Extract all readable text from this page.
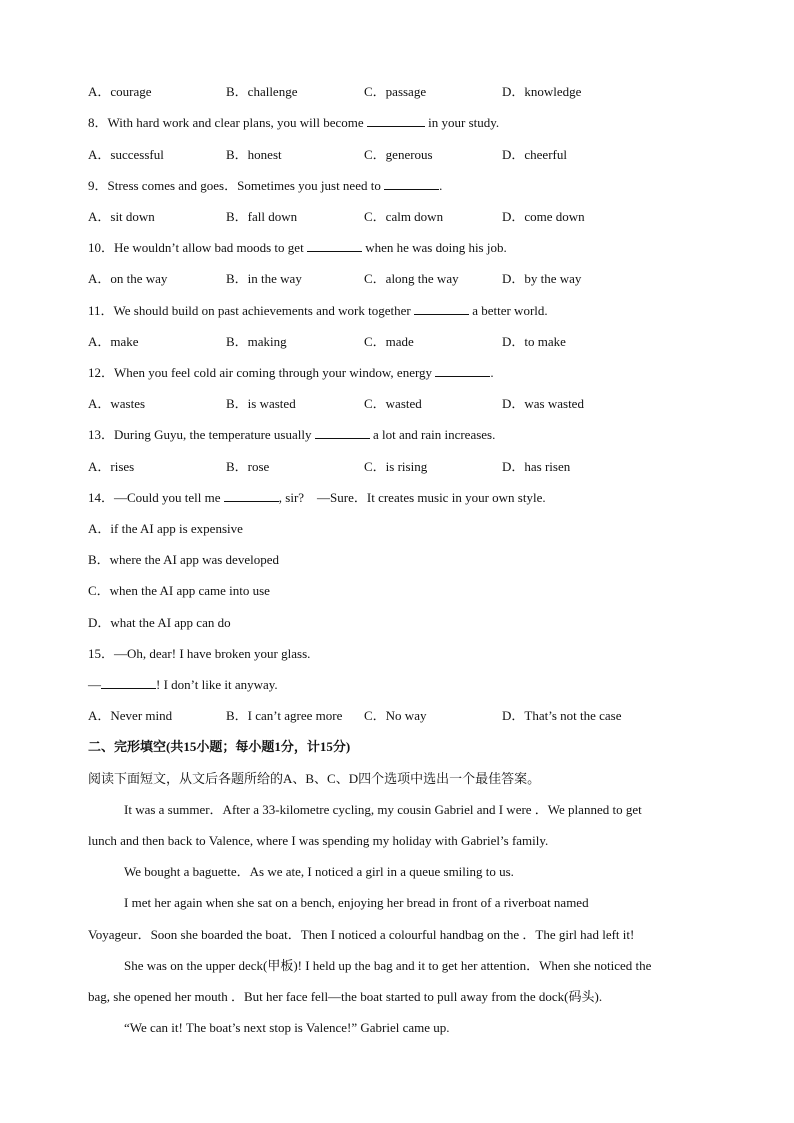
A．courage	B．challenge	C．passage	D．knowledge
8．With hard work and clear plans, you will become	in your study.
A．successful	B．honest	C．generous	D．cheerful
9．Stress comes and goes．Sometimes you just need to	.
A．sit down	B．fall down	C．calm down	D．come down
10．He wouldn’t allow bad moods to get	when he was doing his job.
A．on the way	B．in the way	C．along the way	D．by the way
11．We should build on past achievements and work together	a better world.
A．make	B．making	C．made	D．to make
12．When you feel cold air coming through your window, energy	.
A．wastes	B．is wasted	C．wasted	D．was wasted
13．During Guyu, the temperature usually	a lot and rain increases.
A．rises	B．rose	C．is rising	D．has risen
14．—Could you tell me	, sir?　—Sure．It creates music in your own style.
A．if the AI app is expensive
B．where the AI app was developed
C．when the AI app came into use
D．what the AI app can do
15．—Oh, dear! I have broken your glass.
—	! I don’t like it anyway.
A．Never mind	B．I can’t agree more C．No way	D．That’s not the case
二、完形填空(共15小题；每小题1分，计15分)
阅读下面短文，从文后各题所给的A、B、C、D四个选项中选出一个最佳答案。
It was a summer．After a 33-kilometre cycling, my cousin Gabriel and I were ．We planned to get
lunch and then back to Valence, where I was spending my holiday with Gabriel’s family.
We bought a baguette．As we ate, I noticed a girl in a queue smiling to us.
I met her again when she sat on a bench, enjoying her bread in front of a riverboat named
Voyageur．Soon she boarded the boat．Then I noticed a colourful handbag on the ．The girl had left it!
She was on the upper deck(甲板)! I held up the bag and it to get her attention．When she noticed the
bag, she opened her mouth ．But her face fell—the boat started to pull away from the dock(码头).
“We can it! The boat’s next stop is Valence!” Gabriel came up.
